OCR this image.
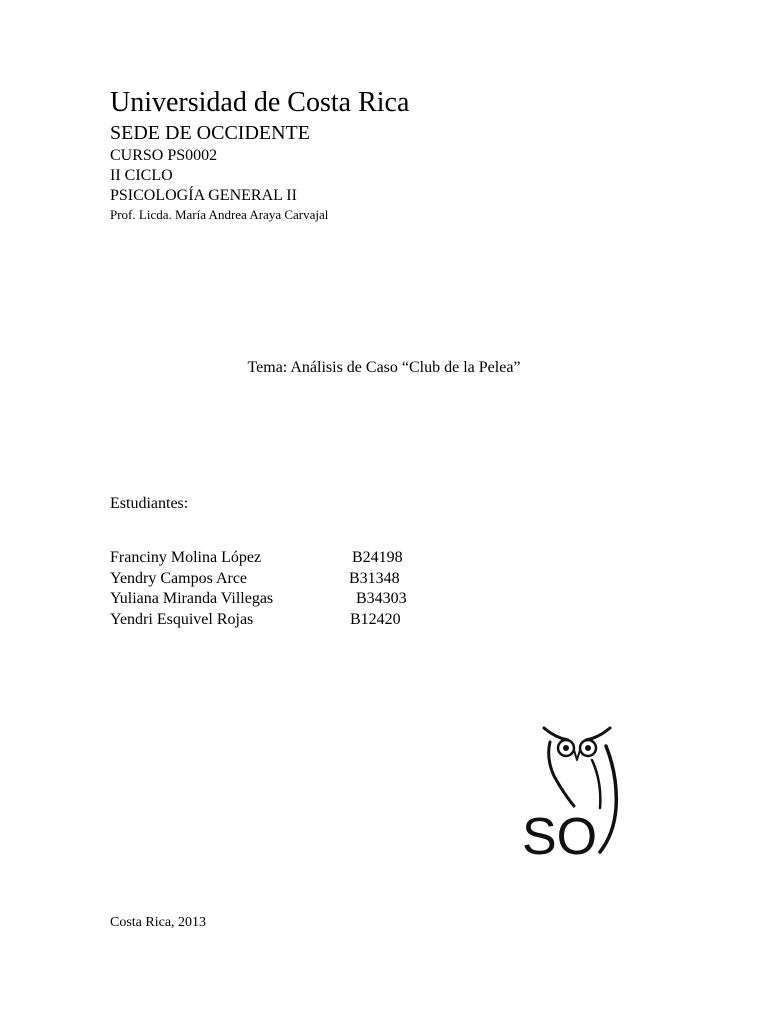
Universidad de Costa Rica
SEDE DE OCCIDENTE
CURSO PS0002
II CICLO
PSICOLOGÍA GENERAL II
Prof. Licda. María Andrea Araya Carvajal
Tema: Análisis de Caso “Club de la Pelea”
Estudiantes:
Franciny Molina López	B24198
Yendry Campos Arce	B31348
Yuliana Miranda Villegas	B34303
Yendri Esquivel Rojas	B12420
SO
Costa Rica, 2013
